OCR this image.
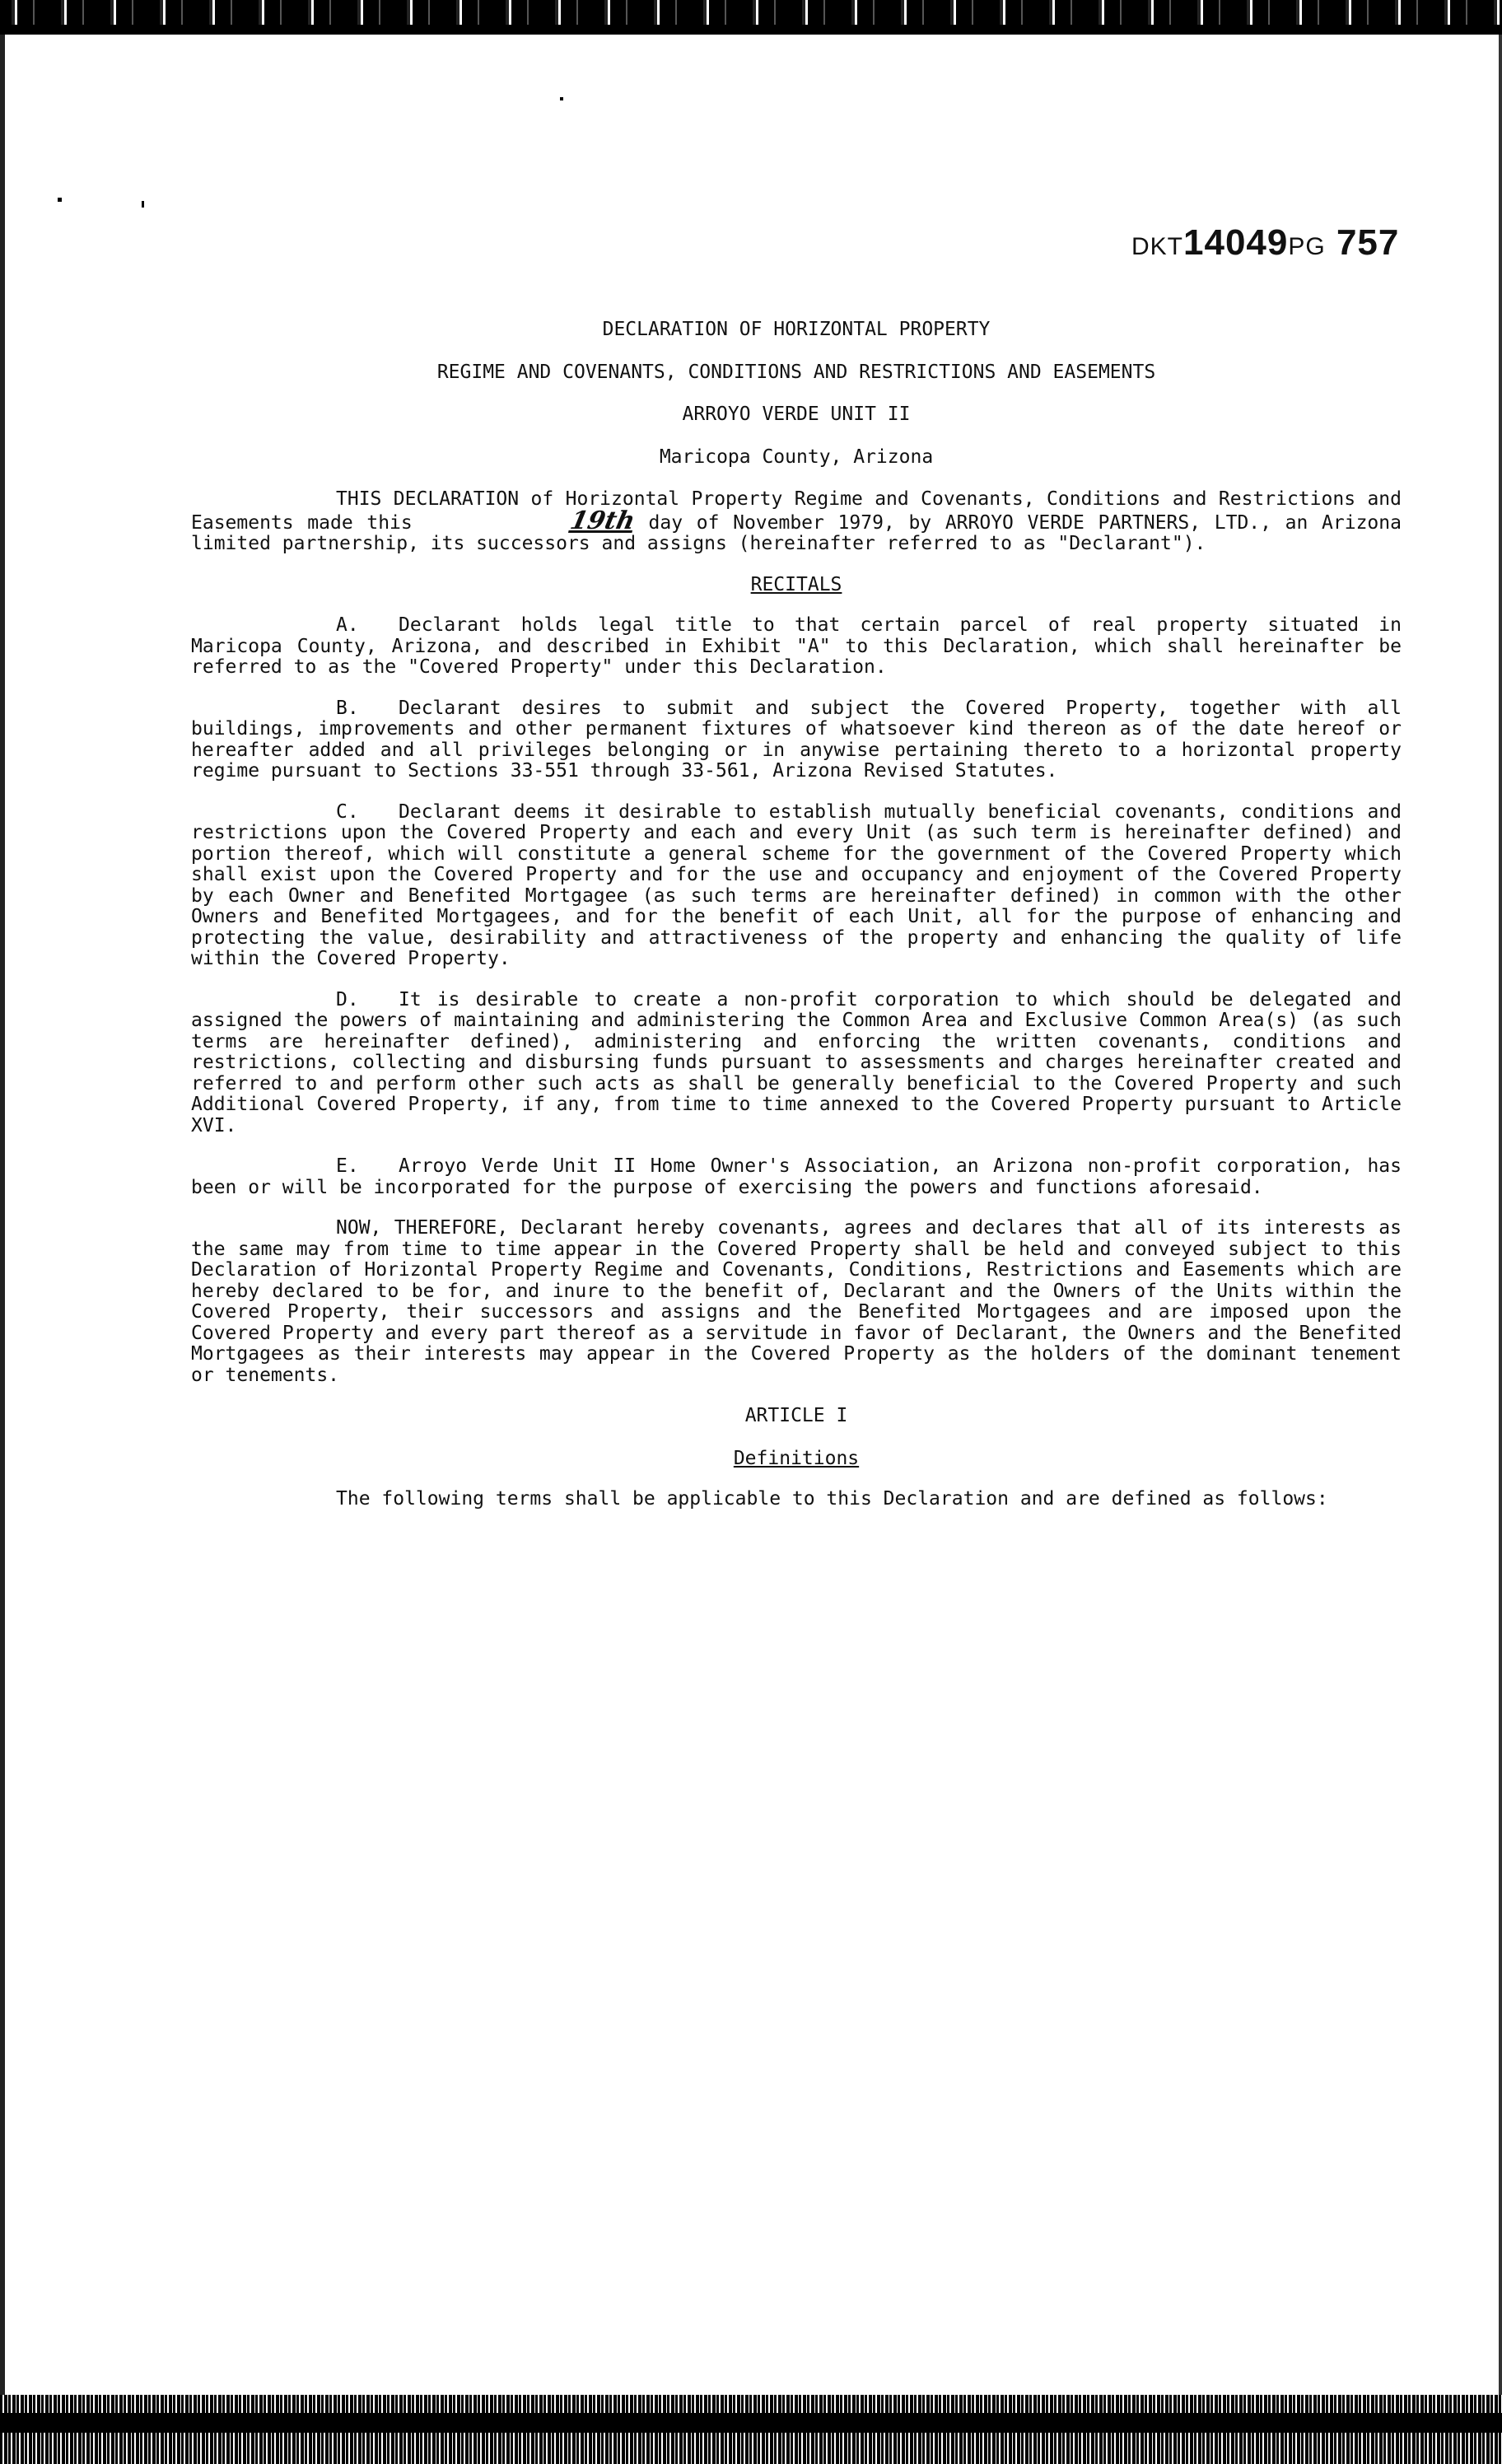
DKT14049PG 757
DECLARATION OF HORIZONTAL PROPERTY
REGIME AND COVENANTS, CONDITIONS AND RESTRICTIONS AND EASEMENTS
ARROYO VERDE UNIT II
Maricopa County, Arizona

THIS DECLARATION of Horizontal Property Regime and Covenants, Conditions and Restrictions and Easements made this	19th day of November 1979, by ARROYO VERDE PARTNERS, LTD., an Arizona limited partnership, its successors and assigns (hereinafter referred to as "Declarant").

RECITALS

A. Declarant holds legal title to that certain parcel of real property situated in Maricopa County, Arizona, and described in Exhibit "A" to this Declaration, which shall hereinafter be referred to as the "Covered Property" under this Declaration.

B. Declarant desires to submit and subject the Covered Property, together with all buildings, improvements and other permanent fixtures of whatsoever kind thereon as of the date hereof or hereafter added and all privileges belonging or in anywise pertaining thereto to a horizontal property regime pursuant to Sections 33-551 through 33-561, Arizona Revised Statutes.

C. Declarant deems it desirable to establish mutually beneficial covenants, conditions and restrictions upon the Covered Property and each and every Unit (as such term is hereinafter defined) and portion thereof, which will constitute a general scheme for the government of the Covered Property which shall exist upon the Covered Property and for the use and occupancy and enjoyment of the Covered Property by each Owner and Benefited Mortgagee (as such terms are hereinafter defined) in common with the other Owners and Benefited Mortgagees, and for the benefit of each Unit, all for the purpose of enhancing and protecting the value, desirability and attractiveness of the property and enhancing the quality of life within the Covered Property.

D. It is desirable to create a non-profit corporation to which should be delegated and assigned the powers of maintaining and administering the Common Area and Exclusive Common Area(s) (as such terms are hereinafter defined), administering and enforcing the written covenants, conditions and restrictions, collecting and disbursing funds pursuant to assessments and charges hereinafter created and referred to and perform other such acts as shall be generally beneficial to the Covered Property and such Additional Covered Property, if any, from time to time annexed to the Covered Property pursuant to Article XVI.

E. Arroyo Verde Unit II Home Owner's Association, an Arizona non-profit corporation, has been or will be incorporated for the purpose of exercising the powers and functions aforesaid.

NOW, THEREFORE, Declarant hereby covenants, agrees and declares that all of its interests as the same may from time to time appear in the Covered Property shall be held and conveyed subject to this Declaration of Horizontal Property Regime and Covenants, Conditions, Restrictions and Easements which are hereby declared to be for, and inure to the benefit of, Declarant and the Owners of the Units within the Covered Property, their successors and assigns and the Benefited Mortgagees and are imposed upon the Covered Property and every part thereof as a servitude in favor of Declarant, the Owners and the Benefited Mortgagees as their interests may appear in the Covered Property as the holders of the dominant tenement or tenements.

ARTICLE I
Definitions

The following terms shall be applicable to this Declaration and are defined as follows:
